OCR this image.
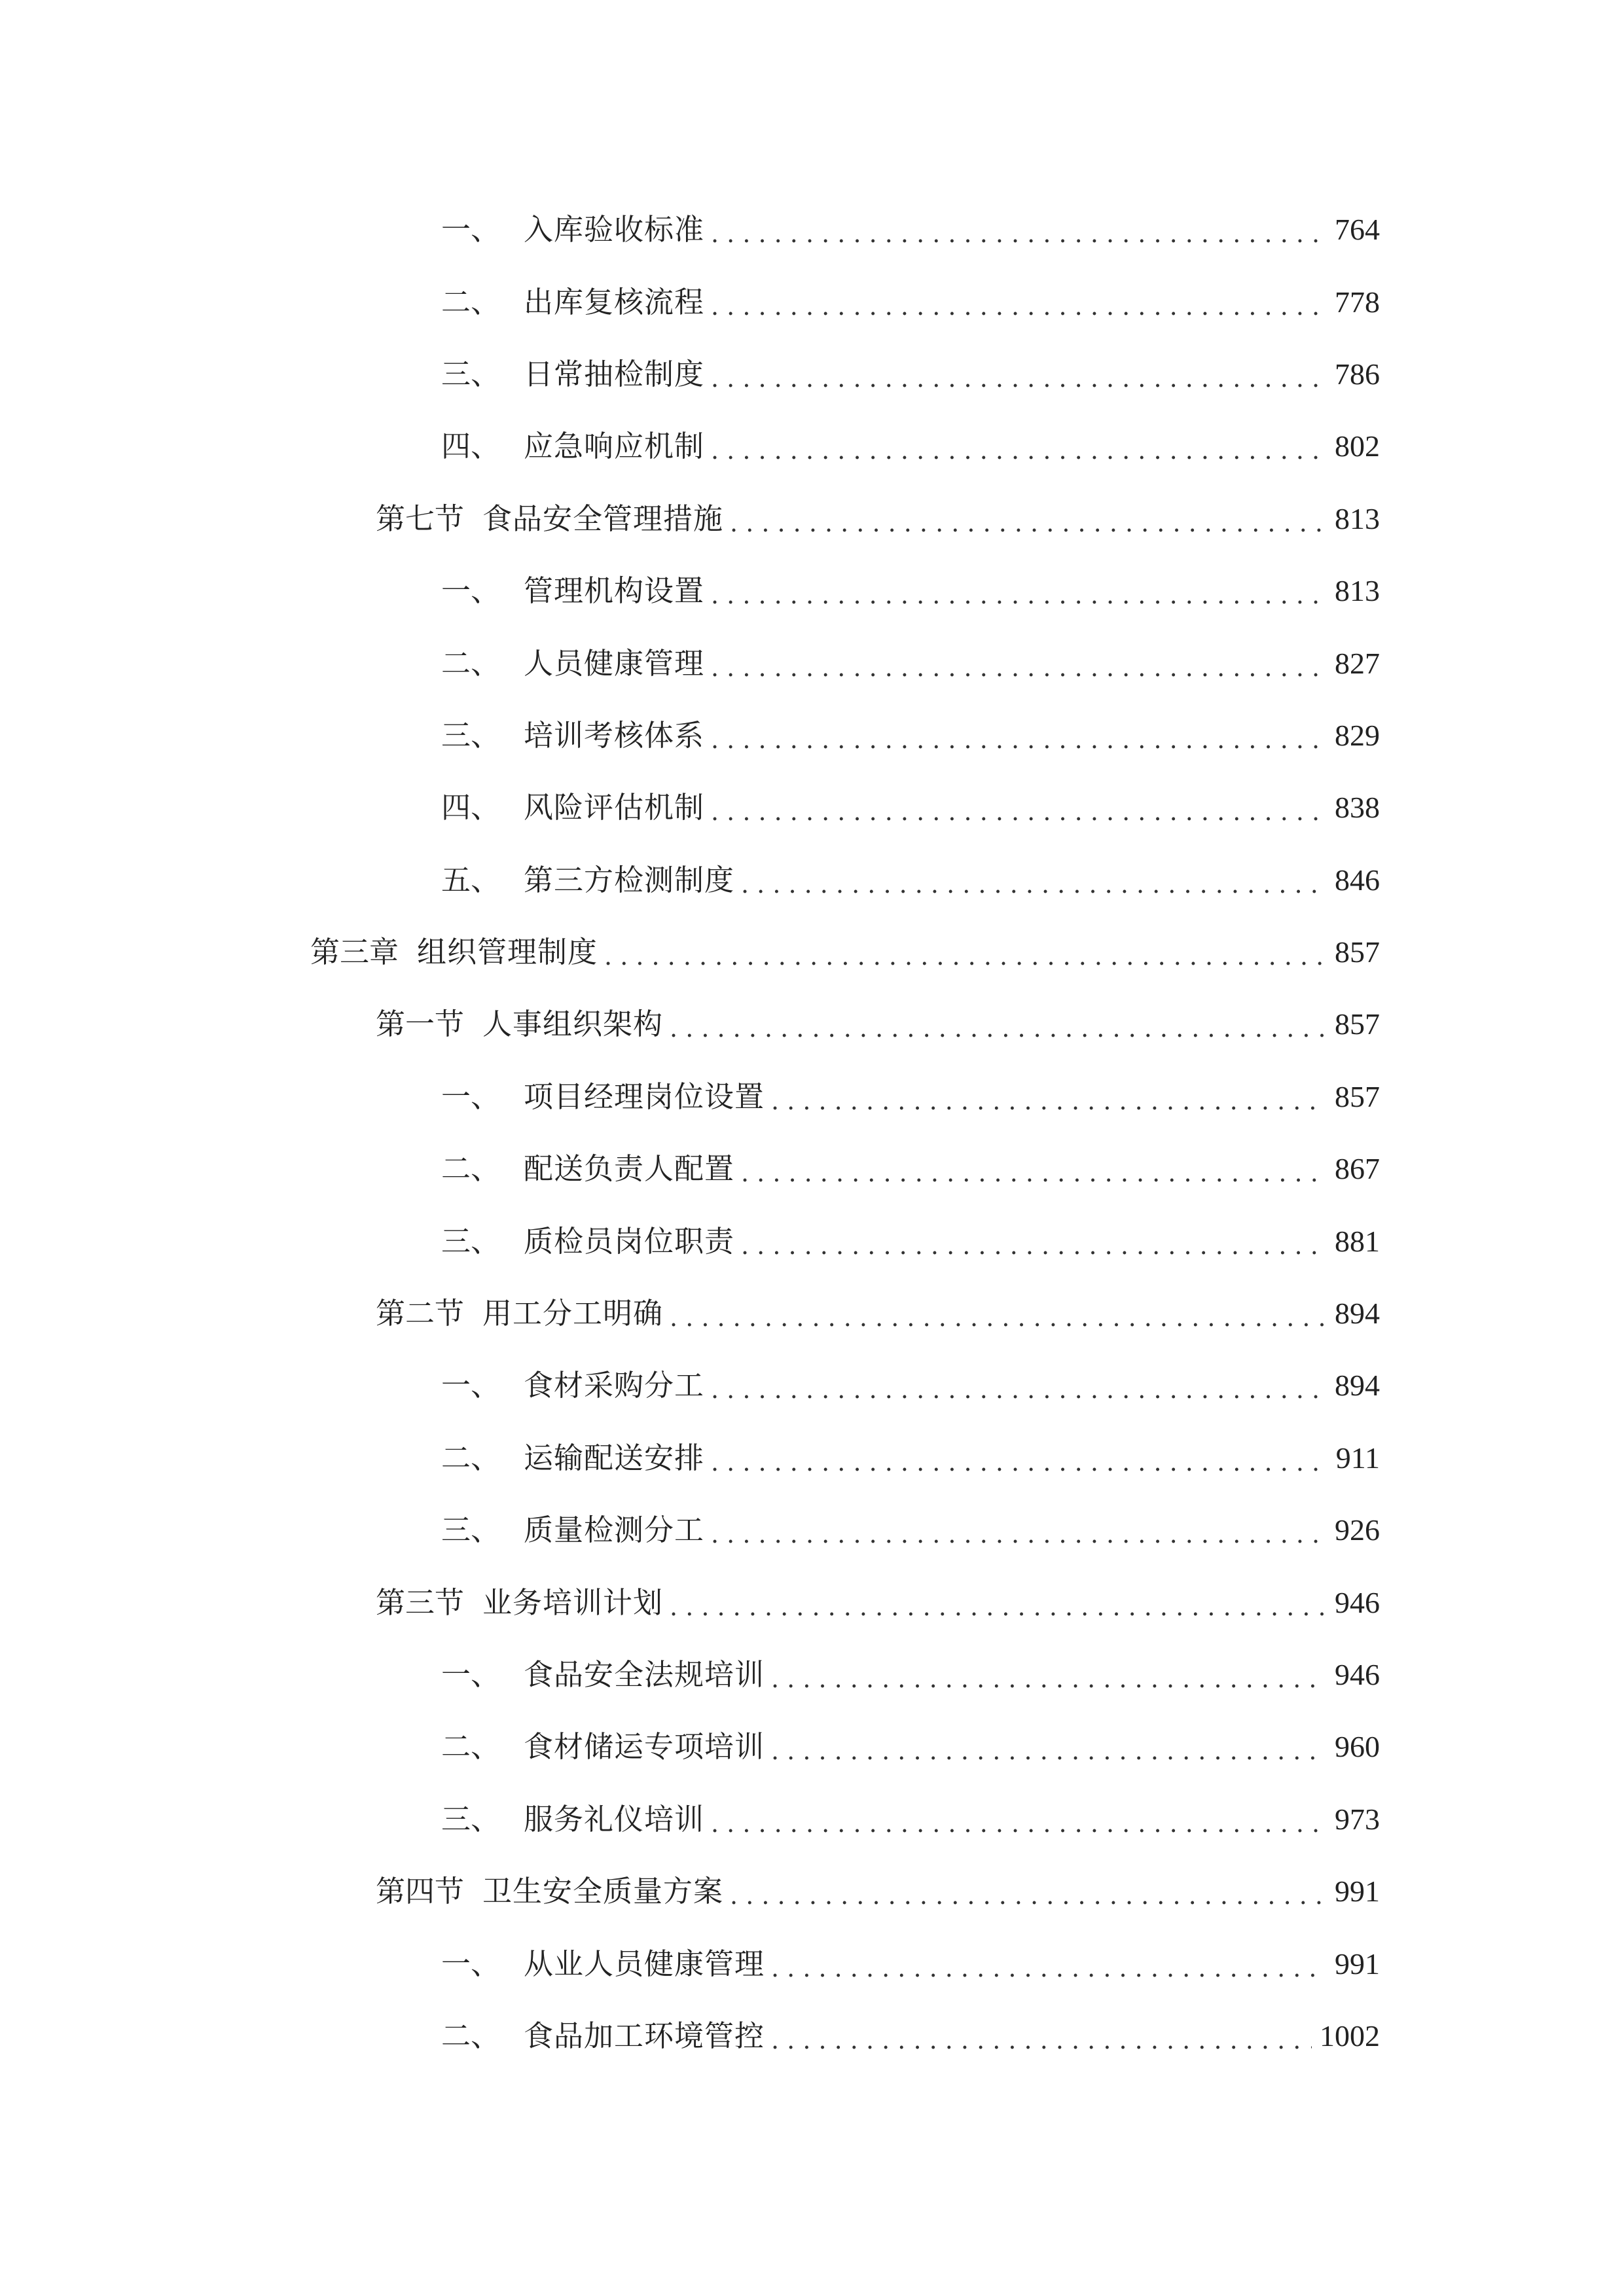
一、 入库验收标准 . . .	764
二、 出库复核流程 . . .	778
三、 日常抽检制度 . . .	786
四、 应急响应机制 . . .	802
第七节 食品安全管理措施 . . .	813
一、 管理机构设置 . . .	813
二、 人员健康管理 . . .	827
三、 培训考核体系 . . .	829
四、 风险评估机制 . . .	838
五、 第三方检测制度 . . .	846
第三章 组织管理制度 . . .	857
第一节 人事组织架构 . . .	857
一、 项目经理岗位设置 . . .	857
二、 配送负责人配置 . . .	867
三、 质检员岗位职责 . . .	881
第二节 用工分工明确 . . .	894
一、 食材采购分工 . . .	894
二、 运输配送安排 . . .	911
三、 质量检测分工 . . .	926
第三节 业务培训计划 . . .	946
一、 食品安全法规培训 . . .	946
二、 食材储运专项培训 . . .	960
三、 服务礼仪培训 . . .	973
第四节 卫生安全质量方案 . . .	991
一、 从业人员健康管理 . . .	991
二、 食品加工环境管控 . . .	1002
